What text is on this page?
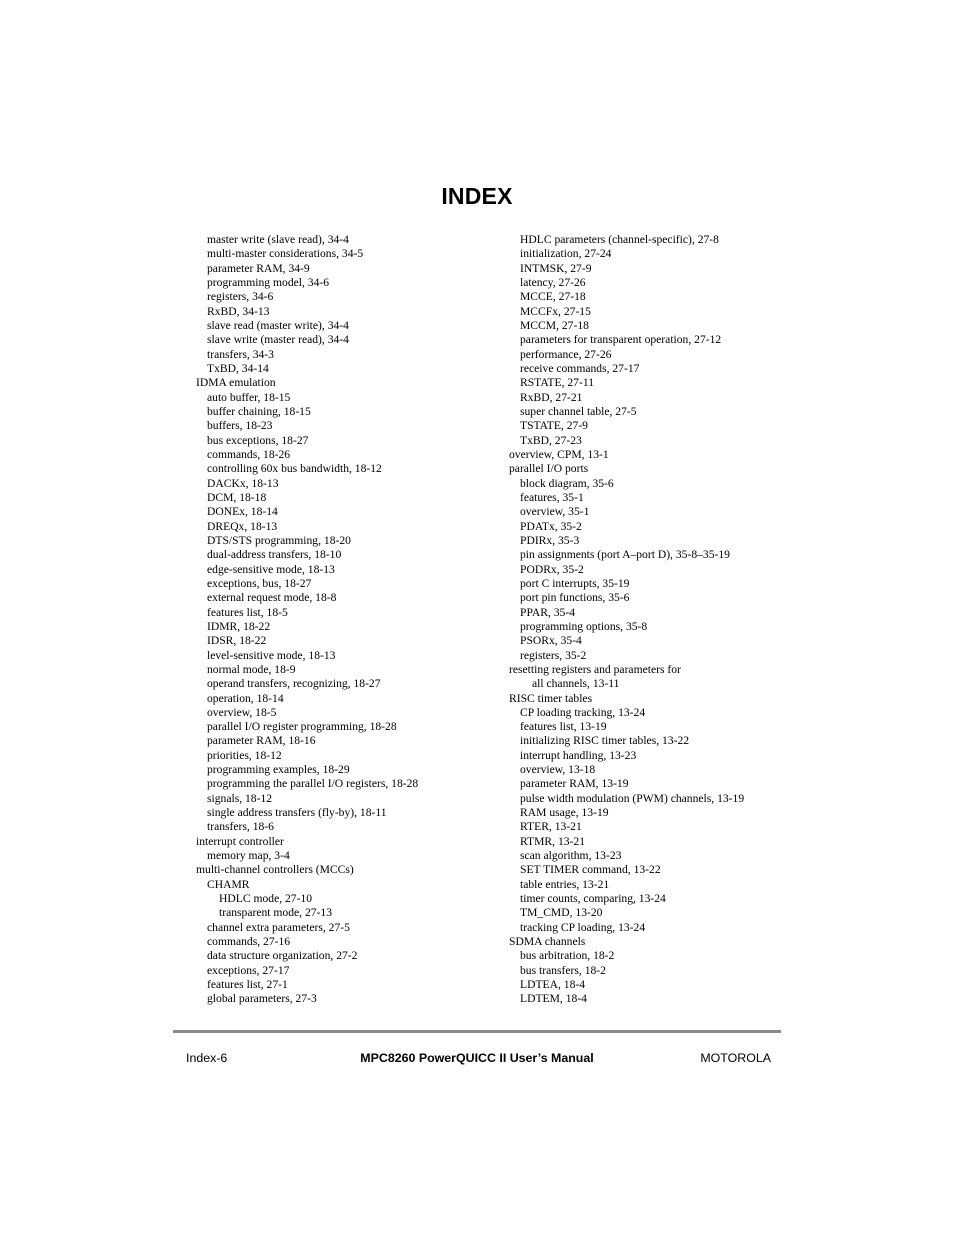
INDEX
master write (slave read), 34-4
multi-master considerations, 34-5
parameter RAM, 34-9
programming model, 34-6
registers, 34-6
RxBD, 34-13
slave read (master write), 34-4
slave write (master read), 34-4
transfers, 34-3
TxBD, 34-14
IDMA emulation
auto buffer, 18-15
buffer chaining, 18-15
buffers, 18-23
bus exceptions, 18-27
commands, 18-26
controlling 60x bus bandwidth, 18-12
DACKx, 18-13
DCM, 18-18
DONEx, 18-14
DREQx, 18-13
DTS/STS programming, 18-20
dual-address transfers, 18-10
edge-sensitive mode, 18-13
exceptions, bus, 18-27
external request mode, 18-8
features list, 18-5
IDMR, 18-22
IDSR, 18-22
level-sensitive mode, 18-13
normal mode, 18-9
operand transfers, recognizing, 18-27
operation, 18-14
overview, 18-5
parallel I/O register programming, 18-28
parameter RAM, 18-16
priorities, 18-12
programming examples, 18-29
programming the parallel I/O registers, 18-28
signals, 18-12
single address transfers (fly-by), 18-11
transfers, 18-6
interrupt controller
memory map, 3-4
multi-channel controllers (MCCs)
CHAMR
HDLC mode, 27-10
transparent mode, 27-13
channel extra parameters, 27-5
commands, 27-16
data structure organization, 27-2
exceptions, 27-17
features list, 27-1
global parameters, 27-3
HDLC parameters (channel-specific), 27-8
initialization, 27-24
INTMSK, 27-9
latency, 27-26
MCCE, 27-18
MCCFx, 27-15
MCCM, 27-18
parameters for transparent operation, 27-12
performance, 27-26
receive commands, 27-17
RSTATE, 27-11
RxBD, 27-21
super channel table, 27-5
TSTATE, 27-9
TxBD, 27-23
overview, CPM, 13-1
parallel I/O ports
block diagram, 35-6
features, 35-1
overview, 35-1
PDATx, 35-2
PDIRx, 35-3
pin assignments (port A–port D), 35-8–35-19
PODRx, 35-2
port C interrupts, 35-19
port pin functions, 35-6
PPAR, 35-4
programming options, 35-8
PSORx, 35-4
registers, 35-2
resetting registers and parameters for
all channels, 13-11
RISC timer tables
CP loading tracking, 13-24
features list, 13-19
initializing RISC timer tables, 13-22
interrupt handling, 13-23
overview, 13-18
parameter RAM, 13-19
pulse width modulation (PWM) channels, 13-19
RAM usage, 13-19
RTER, 13-21
RTMR, 13-21
scan algorithm, 13-23
SET TIMER command, 13-22
table entries, 13-21
timer counts, comparing, 13-24
TM_CMD, 13-20
tracking CP loading, 13-24
SDMA channels
bus arbitration, 18-2
bus transfers, 18-2
LDTEA, 18-4
LDTEM, 18-4
Index-6	MPC8260 PowerQUICC II User’s Manual	MOTOROLA
